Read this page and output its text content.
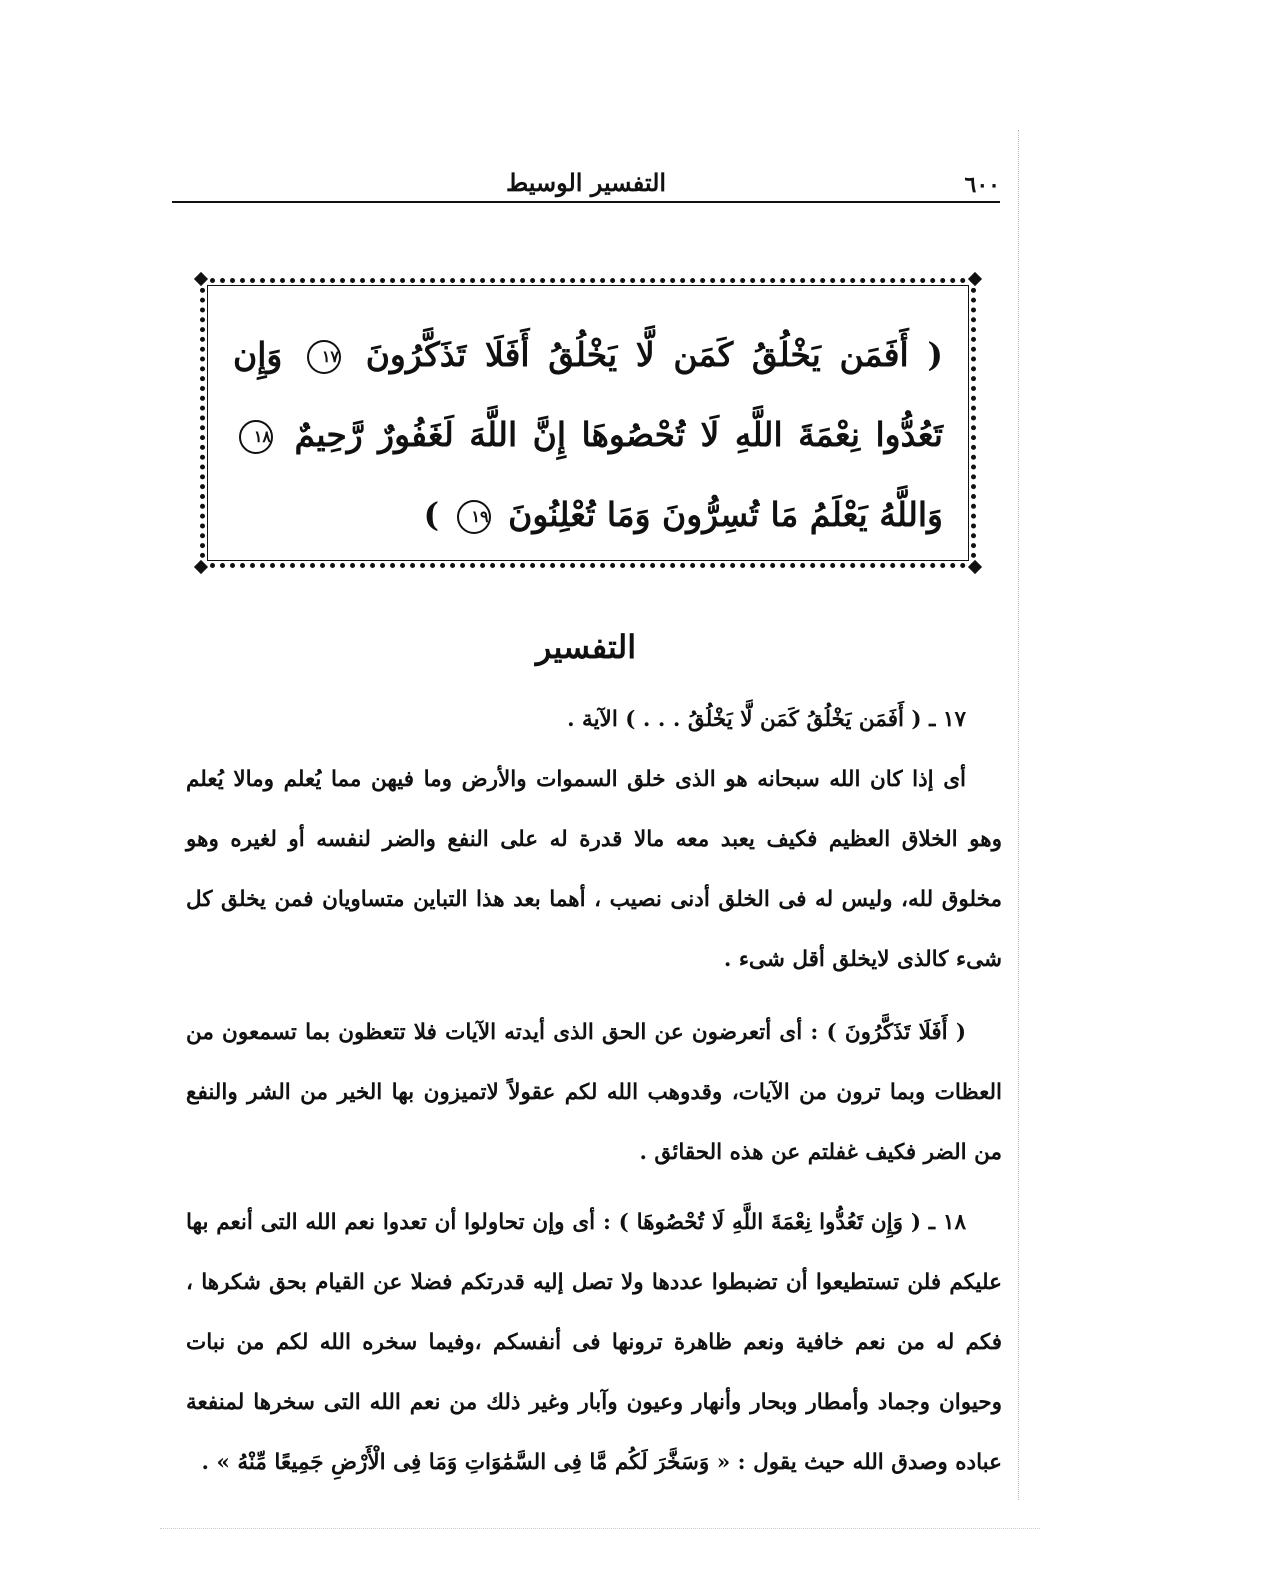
٦٠٠
التفسير الوسيط
( أَفَمَن يَخْلُقُ كَمَن لَّا يَخْلُقُ أَفَلَا تَذَكَّرُونَ ١٧ وَإِن تَعُدُّوا نِعْمَةَ اللَّهِ لَا تُحْصُوهَا إِنَّ اللَّهَ لَغَفُورٌ رَّحِيمٌ ١٨ وَاللَّهُ يَعْلَمُ مَا تُسِرُّونَ وَمَا تُعْلِنُونَ ١٩ )
التفسير

١٧ ـ ( أَفَمَن يَخْلُقُ كَمَن لَّا يَخْلُقُ . . . ) الآية .

أى إذا كان الله سبحانه هو الذى خلق السموات والأرض وما فيهن مما يُعلم ومالا يُعلم وهو الخلاق العظيم فكيف يعبد معه مالا قدرة له على النفع والضر لنفسه أو لغيره وهو مخلوق لله، وليس له فى الخلق أدنى نصيب ، أهما بعد هذا التباين متساويان فمن يخلق كل شىء كالذى لايخلق أقل شىء .

( أَفَلَا تَذَكَّرُونَ ) : أى أتعرضون عن الحق الذى أيدته الآيات فلا تتعظون بما تسمعون من العظات وبما ترون من الآيات، وقدوهب الله لكم عقولاً لاتميزون بها الخير من الشر والنفع من الضر فكيف غفلتم عن هذه الحقائق .

١٨ ـ ( وَإِن تَعُدُّوا نِعْمَةَ اللَّهِ لَا تُحْصُوهَا ) : أى وإن تحاولوا أن تعدوا نعم الله التى أنعم بها عليكم فلن تستطيعوا أن تضبطوا عددها ولا تصل إليه قدرتكم فضلا عن القيام بحق شكرها ، فكم له من نعم خافية ونعم ظاهرة ترونها فى أنفسكم ،وفيما سخره الله لكم من نبات وحيوان وجماد وأمطار وبحار وأنهار وعيون وآبار وغير ذلك من نعم الله التى سخرها لمنفعة عباده وصدق الله حيث يقول : « وَسَخَّرَ لَكُم مَّا فِى السَّمَٰوَاتِ وَمَا فِى الْأَرْضِ جَمِيعًا مِّنْهُ » .
